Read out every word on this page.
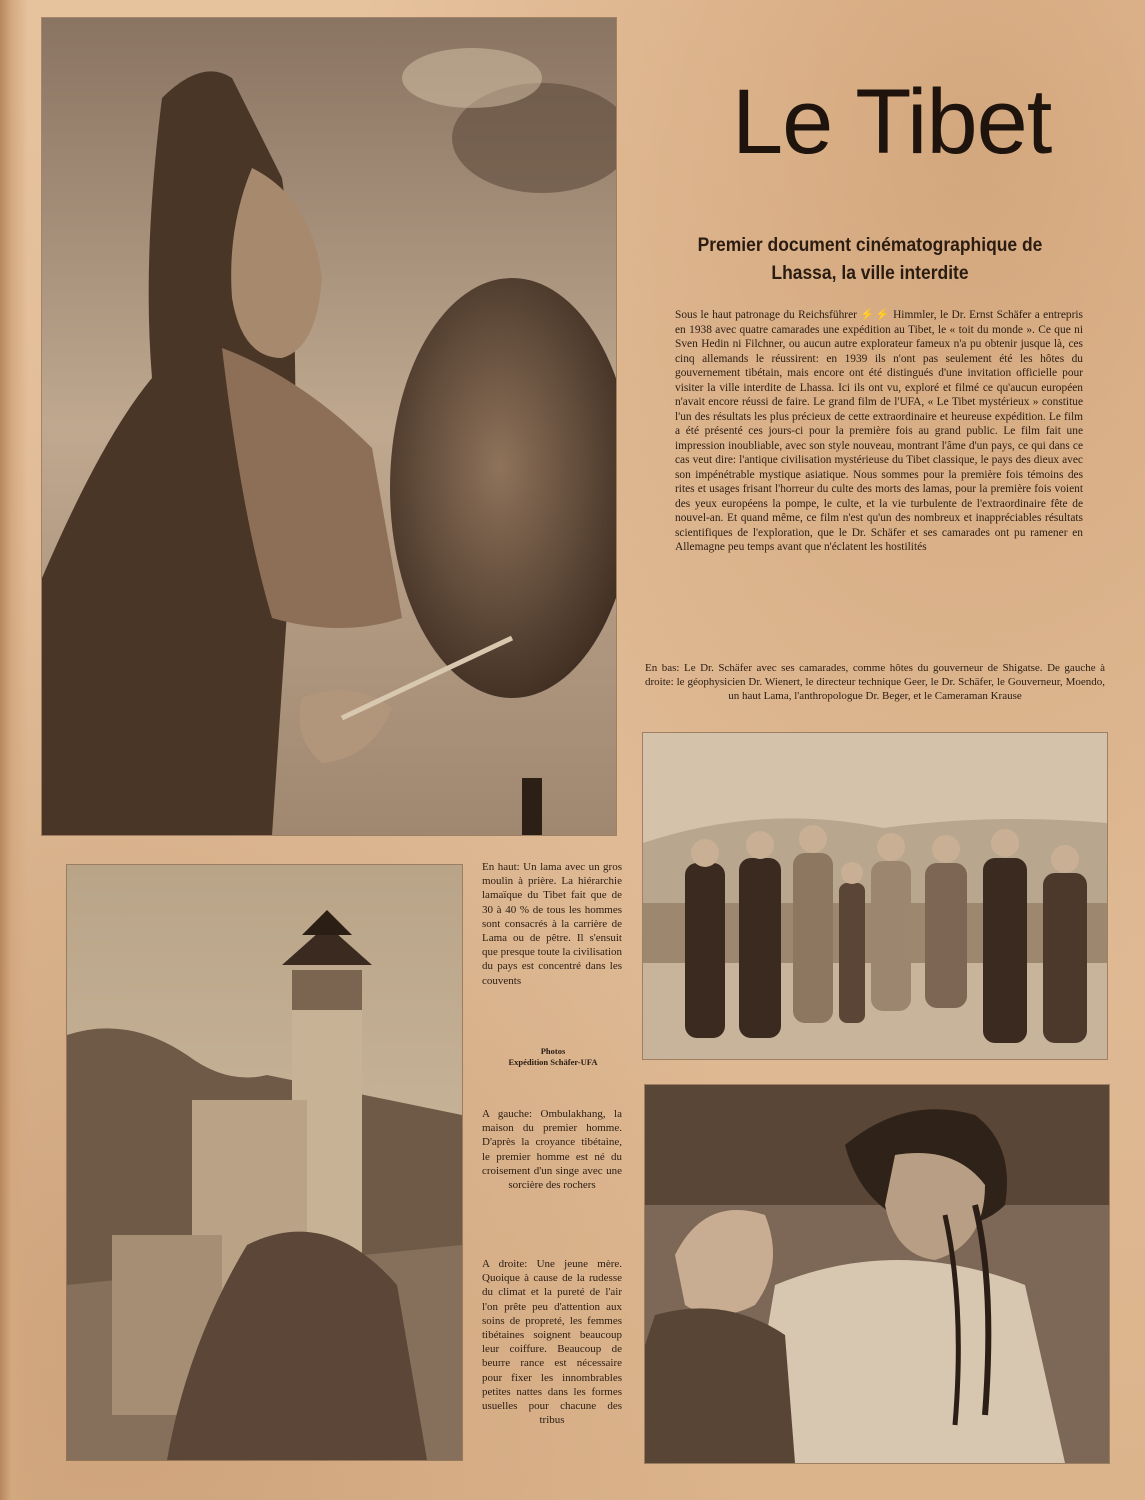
Le Tibet
Premier document cinématographique de
Lhassa, la ville interdite
Sous le haut patronage du Reichsführer ⚡⚡ Himmler, le Dr. Ernst Schäfer a entrepris en 1938 avec quatre camarades une expédition au Tibet, le « toit du monde ». Ce que ni Sven Hedin ni Filchner, ou aucun autre explorateur fameux n'a pu obtenir jusque là, ces cinq allemands le réussirent: en 1939 ils n'ont pas seulement été les hôtes du gouvernement tibétain, mais encore ont été distingués d'une invitation officielle pour visiter la ville interdite de Lhassa. Ici ils ont vu, exploré et filmé ce qu'aucun européen n'avait encore réussi de faire. Le grand film de l'UFA, « Le Tibet mystérieux » constitue l'un des résultats les plus précieux de cette extraordinaire et heureuse expédition. Le film a été présenté ces jours-ci pour la première fois au grand public. Le film fait une impression inoubliable, avec son style nouveau, montrant l'âme d'un pays, ce qui dans ce cas veut dire: l'antique civilisation mystérieuse du Tibet classique, le pays des dieux avec son impénétrable mystique asiatique. Nous sommes pour la première fois témoins des rites et usages frisant l'horreur du culte des morts des lamas, pour la première fois voient des yeux européens la pompe, le culte, et la vie turbulente de l'extraordinaire fête de nouvel-an. Et quand même, ce film n'est qu'un des nombreux et inappréciables résultats scientifiques de l'exploration, que le Dr. Schäfer et ses camarades ont pu ramener en Allemagne peu temps avant que n'éclatent les hostilités
En bas: Le Dr. Schäfer avec ses camarades, comme hôtes du gouverneur de Shigatse. De gauche à droite: le géophysicien Dr. Wienert, le directeur technique Geer, le Dr. Schäfer, le Gouverneur, Moendo, un haut Lama, l'anthropologue Dr. Beger, et le Cameraman Krause
En haut: Un lama avec un gros moulin à prière. La hiérarchie lamaïque du Tibet fait que de 30 à 40 % de tous les hommes sont consacrés à la carrière de Lama ou de pêtre. Il s'ensuit que presque toute la civilisation du pays est concentré dans les couvents
Photos
Expédition Schäfer-UFA
A gauche: Ombulakhang, la maison du premier homme. D'après la croyance tibétaine, le premier homme est né du croisement d'un singe avec une sorcière des rochers
A droite: Une jeune mère. Quoique à cause de la rudesse du climat et la pureté de l'air l'on prête peu d'attention aux soins de propreté, les femmes tibétaines soignent beaucoup leur coiffure. Beaucoup de beurre rance est nécessaire pour fixer les innombrables petites nattes dans les formes usuelles pour chacune des tribus
